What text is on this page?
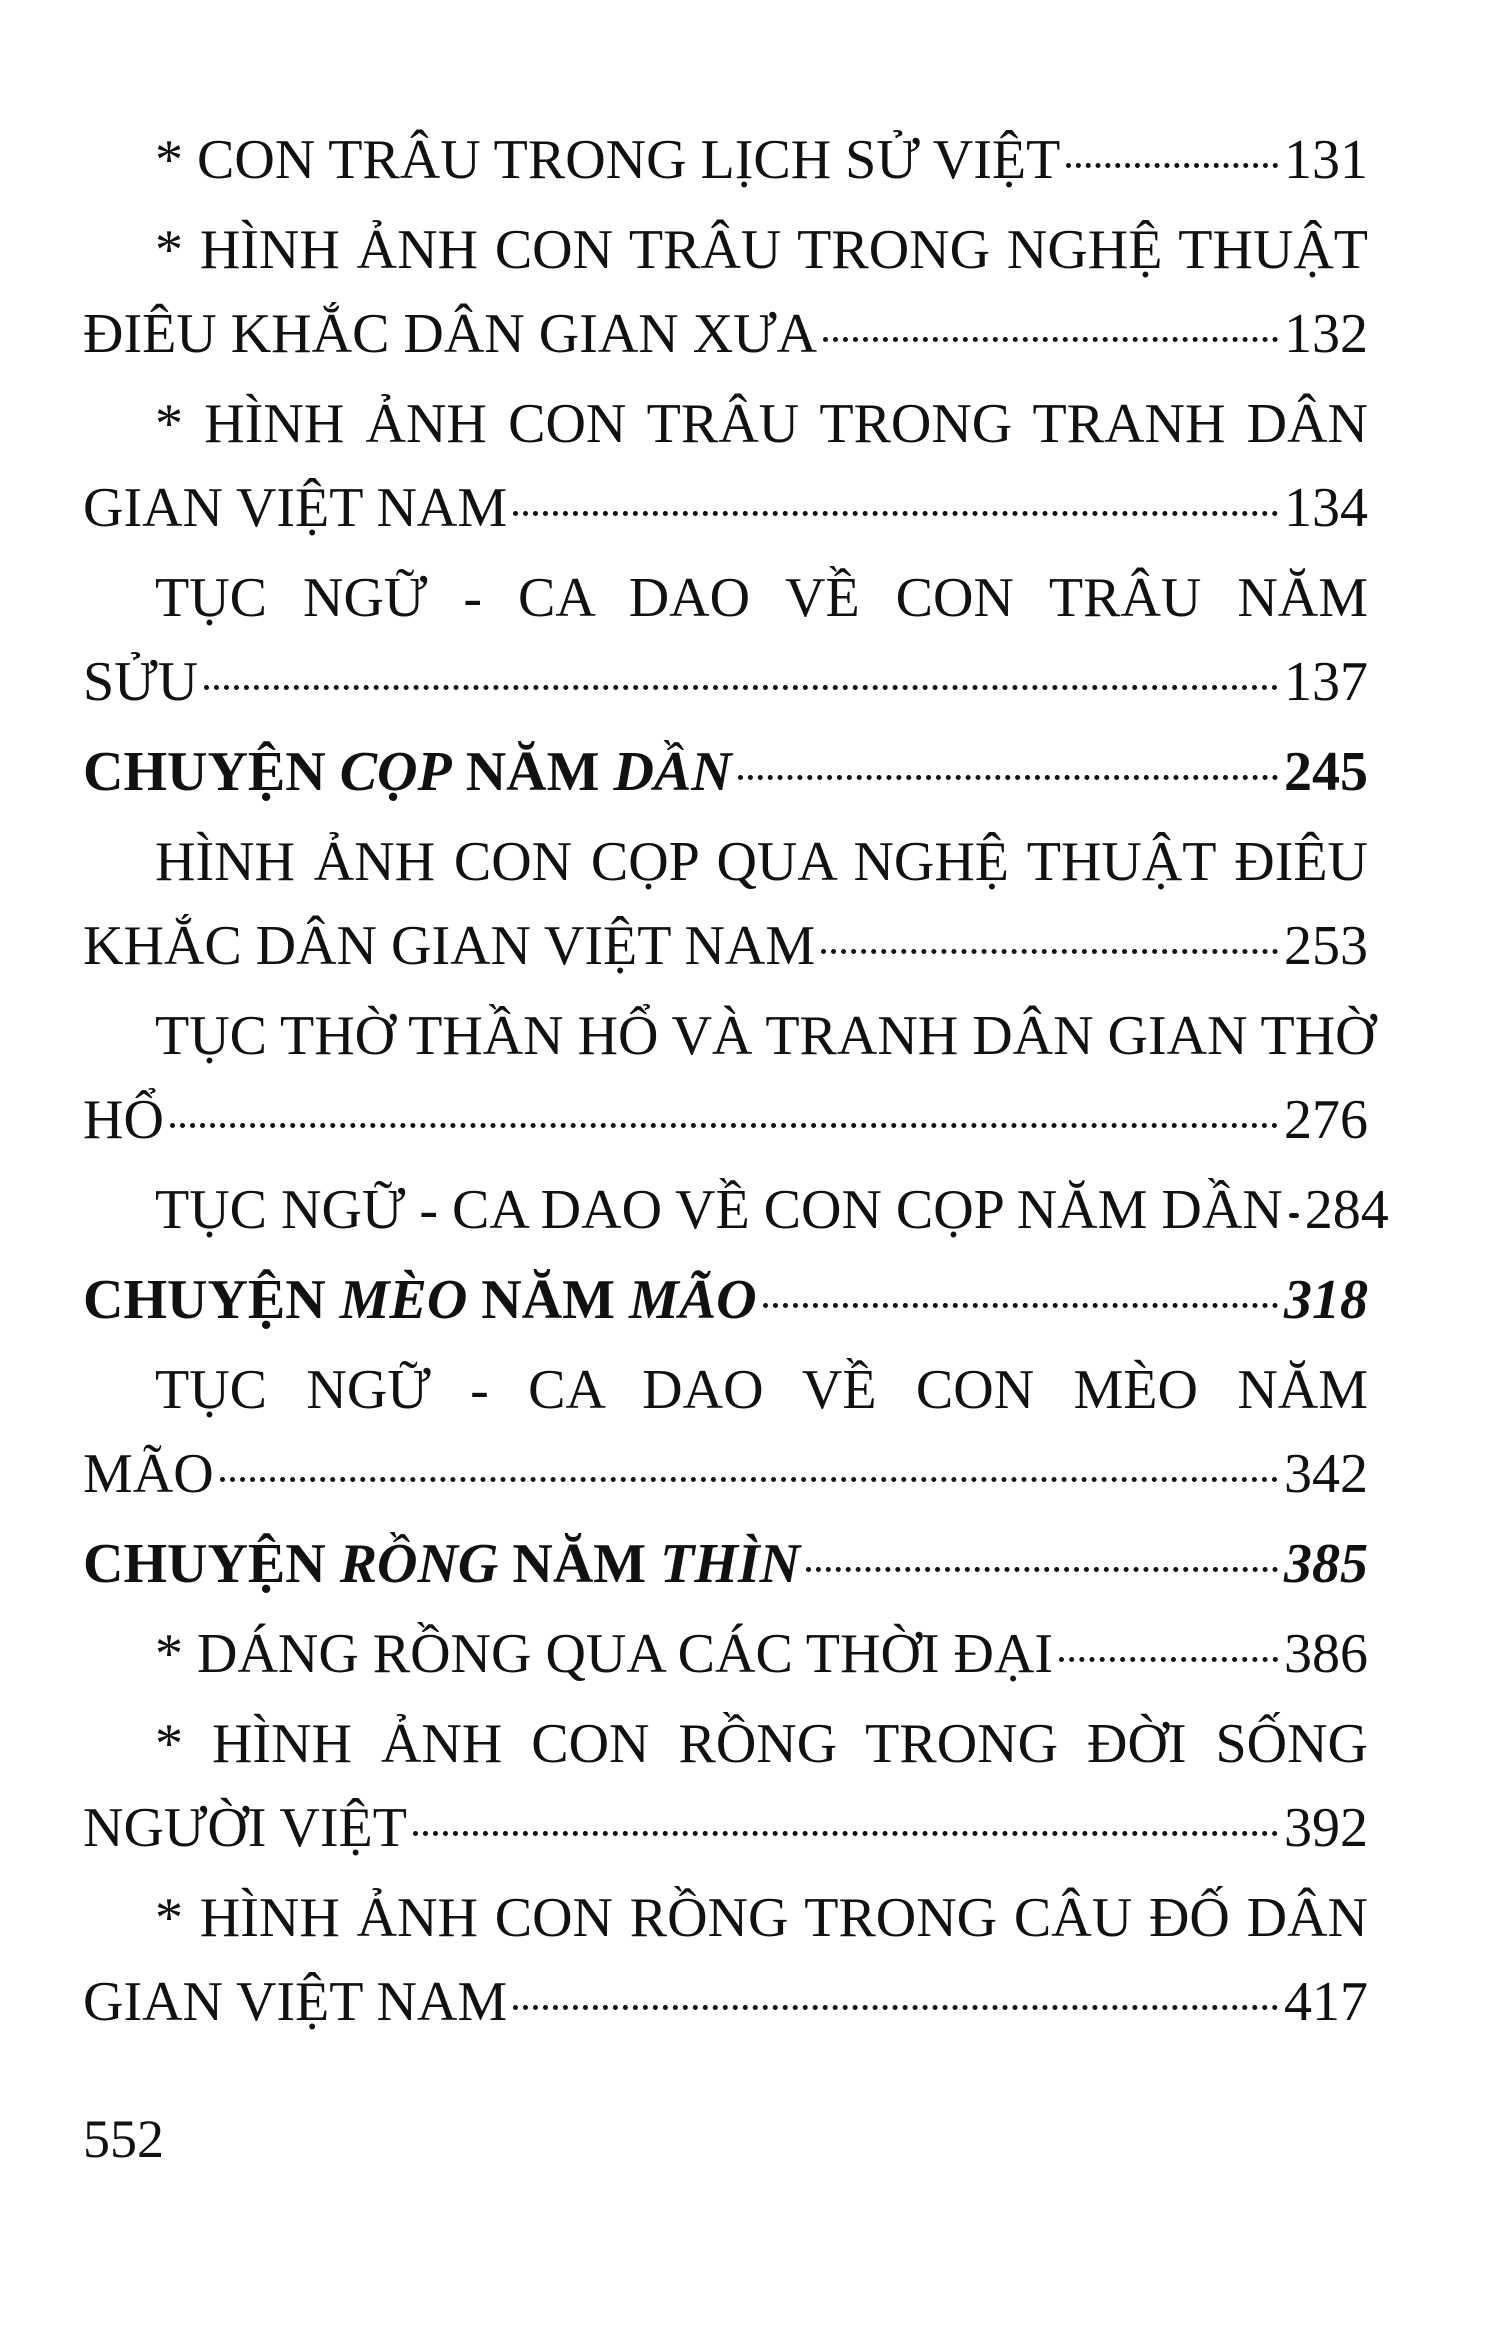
* CON TRÂU TRONG LỊCH SỬ VIỆT	131
* HÌNH ẢNH CON TRÂU TRONG NGHỆ THUẬT
ĐIÊU KHẮC DÂN GIAN XƯA	132
* HÌNH ẢNH CON TRÂU TRONG TRANH DÂN
GIAN VIỆT NAM	134
TỤC NGỮ - CA DAO VỀ CON TRÂU NĂM
SỬU	137
CHUYỆN CỌP NĂM DẦN	245
HÌNH ẢNH CON CỌP QUA NGHỆ THUẬT ĐIÊU
KHẮC DÂN GIAN VIỆT NAM	253
TỤC THỜ THẦN HỔ VÀ TRANH DÂN GIAN THỜ
HỔ	276
TỤC NGỮ - CA DAO VỀ CON CỌP NĂM DẦN 284
CHUYỆN MÈO NĂM MÃO	318
TỤC NGỮ - CA DAO VỀ CON MÈO NĂM
MÃO	342
CHUYỆN RỒNG NĂM THÌN	385
* DÁNG RỒNG QUA CÁC THỜI ĐẠI	386
* HÌNH ẢNH CON RỒNG TRONG ĐỜI SỐNG
NGƯỜI VIỆT	392
* HÌNH ẢNH CON RỒNG TRONG CÂU ĐỐ DÂN
GIAN VIỆT NAM	417
552
